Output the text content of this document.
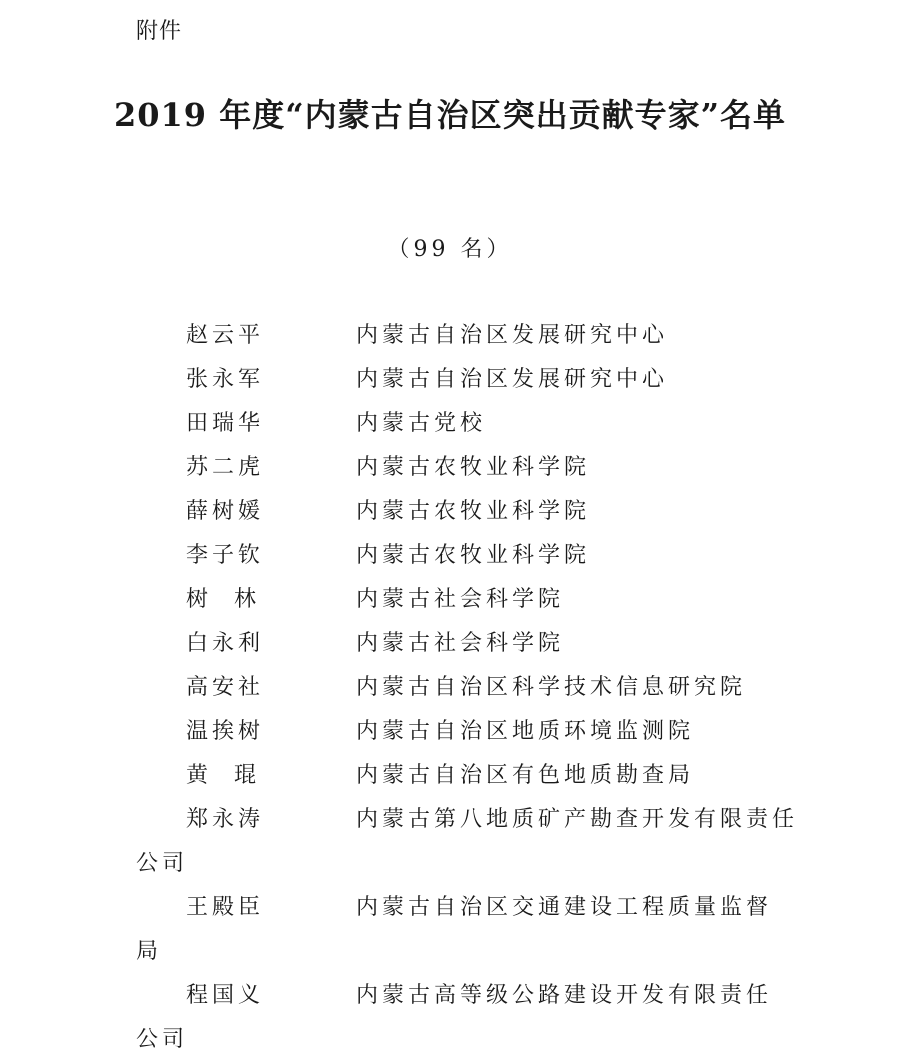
附件
2019 年度“内蒙古自治区突出贡献专家”名单
（99 名）
赵云平	内蒙古自治区发展研究中心
张永军	内蒙古自治区发展研究中心
田瑞华	内蒙古党校
苏二虎	内蒙古农牧业科学院
薛树媛	内蒙古农牧业科学院
李子钦	内蒙古农牧业科学院
树  林	内蒙古社会科学院
白永利	内蒙古社会科学院
高安社	内蒙古自治区科学技术信息研究院
温挨树	内蒙古自治区地质环境监测院
黄  琨	内蒙古自治区有色地质勘查局
郑永涛	内蒙古第八地质矿产勘查开发有限责任
公司
王殿臣	内蒙古自治区交通建设工程质量监督
局
程国义	内蒙古高等级公路建设开发有限责任
公司
